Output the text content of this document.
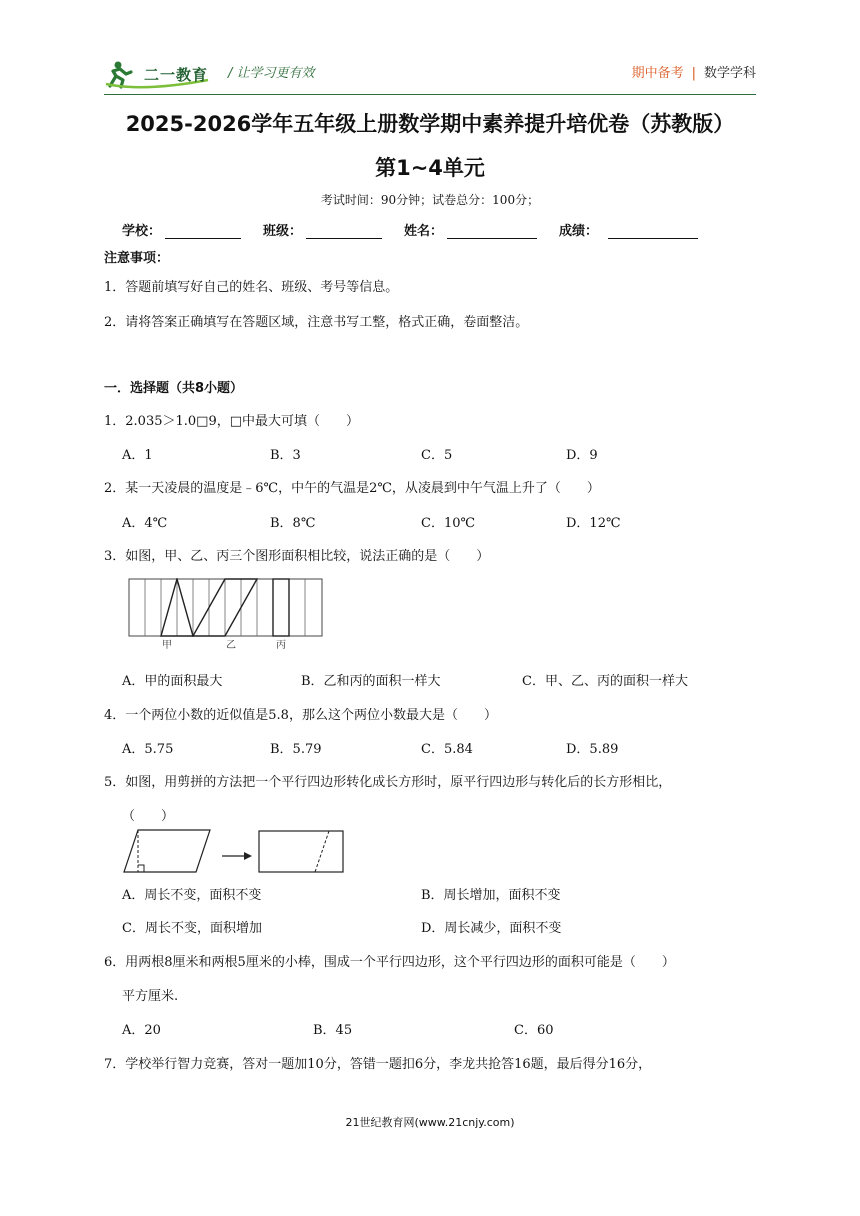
二一教育 / 让学习更有效	期中备考 | 数学学科
2025-2026学年五年级上册数学期中素养提升培优卷（苏教版）
第1~4单元
考试时间：90分钟；试卷总分：100分；
学校：	班级：	姓名：	成绩：
注意事项：
1．答题前填写好自己的姓名、班级、考号等信息。
2．请将答案正确填写在答题区域，注意书写工整，格式正确，卷面整洁。
一．选择题（共8小题）
1．2.035＞1.0□9，□中最大可填（　　）
A．1	B．3	C．5	D．9
2．某一天凌晨的温度是﹣6℃，中午的气温是2℃，从凌晨到中午气温上升了（　　）
A．4℃	B．8℃	C．10℃	D．12℃
3．如图，甲、乙、丙三个图形面积相比较，说法正确的是（　　）
甲	乙	丙
A．甲的面积最大	B．乙和丙的面积一样大	C．甲、乙、丙的面积一样大
4．一个两位小数的近似值是5.8，那么这个两位小数最大是（　　）
A．5.75	B．5.79	C．5.84	D．5.89
5．如图，用剪拼的方法把一个平行四边形转化成长方形时，原平行四边形与转化后的长方形相比，
（　　）
A．周长不变，面积不变	B．周长增加，面积不变
C．周长不变，面积增加	D．周长减少，面积不变
6．用两根8厘米和两根5厘米的小棒，围成一个平行四边形，这个平行四边形的面积可能是（　　）
平方厘米.
A．20	B．45	C．60
7．学校举行智力竞赛，答对一题加10分，答错一题扣6分，李龙共抢答16题，最后得分16分，
21世纪教育网(www.21cnjy.com)
